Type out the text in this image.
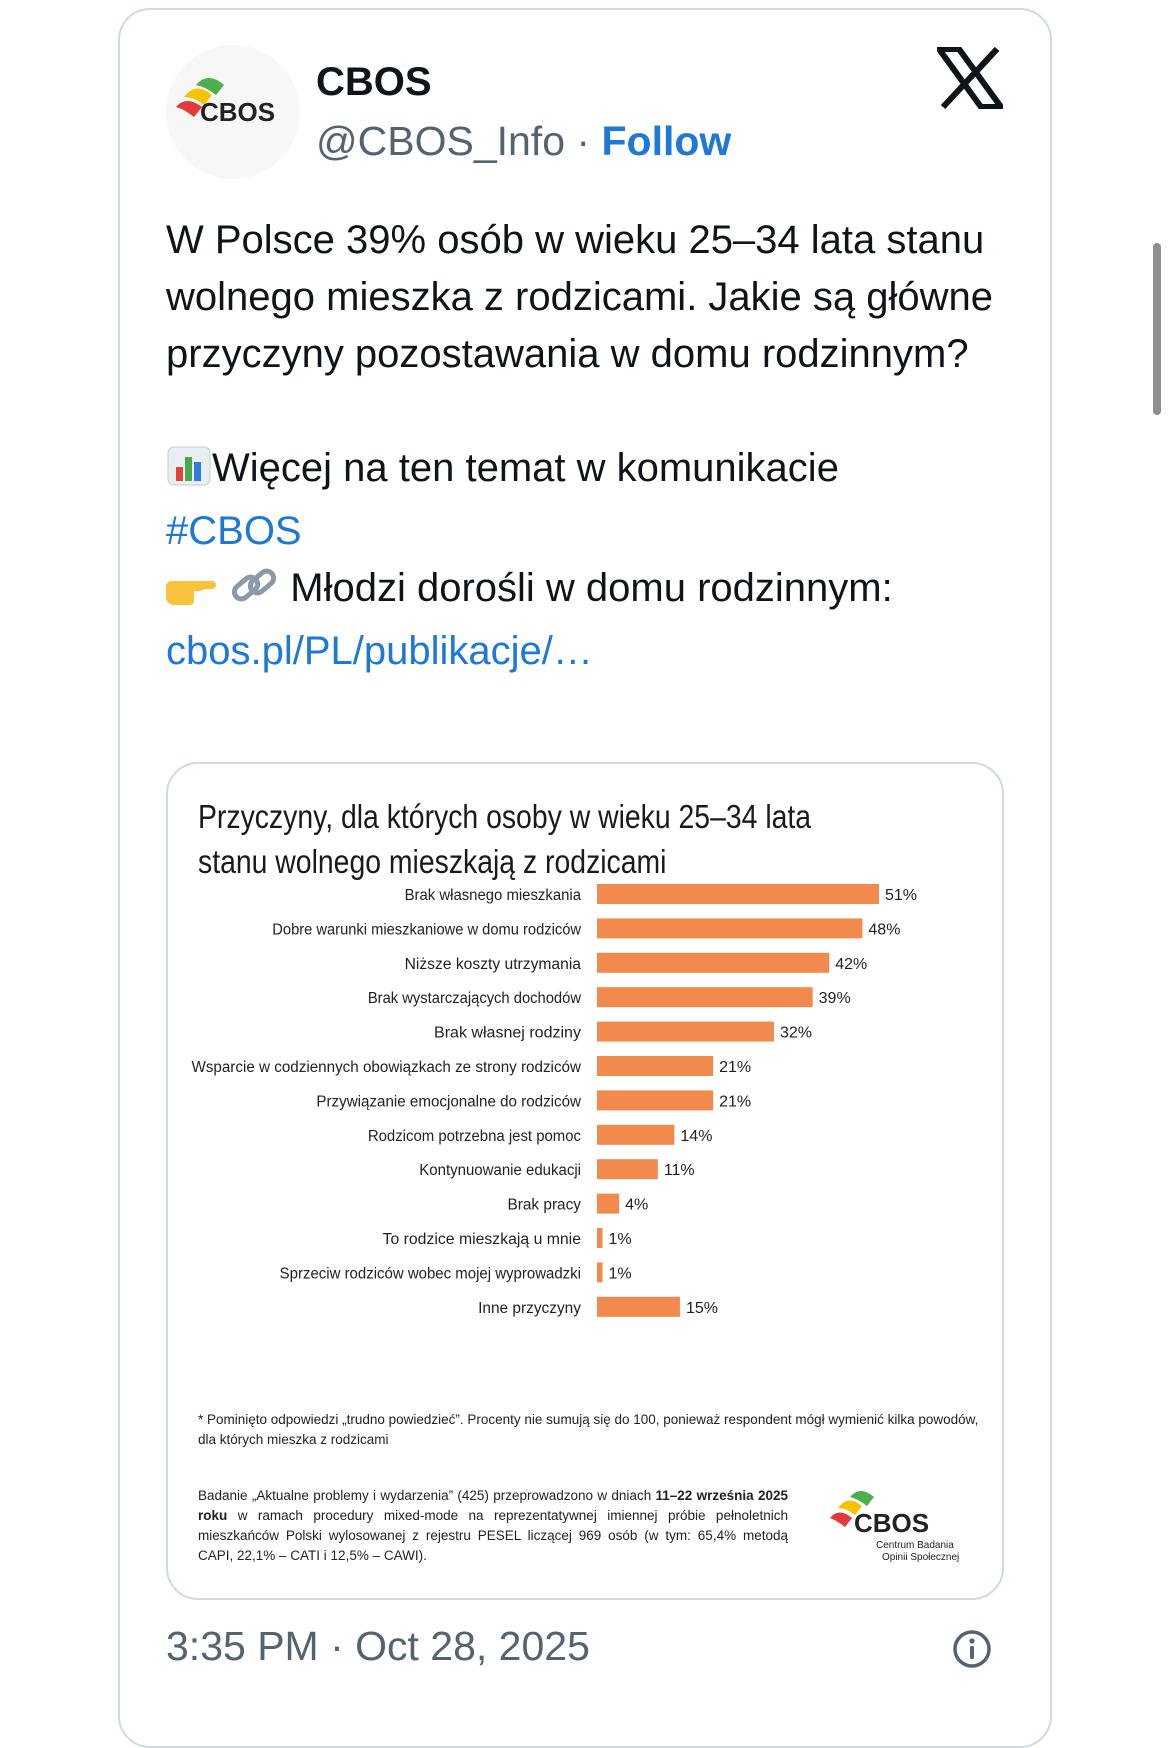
CBOS
CBOS
@CBOS_Info · Follow

W Polsce 39% osób w wieku 25–34 lata stanu wolnego mieszka z rodzicami. Jakie są główne przyczyny pozostawania w domu rodzinnym?

Więcej na ten temat w komunikacie

#CBOS

Młodzi dorośli w domu rodzinnym:

cbos.pl/PL/publikacje/…

Przyczyny, dla których osoby w wieku 25–34 lata stanu wolnego mieszkają z rodzicami
Brak własnego mieszkania	51%
Dobre warunki mieszkaniowe w domu rodziców	48%
Niższe koszty utrzymania	42%
Brak wystarczających dochodów	39%
Brak własnej rodziny	32%
Wsparcie w codziennych obowiązkach ze strony rodziców	21%
Przywiązanie emocjonalne do rodziców	21%
Rodzicom potrzebna jest pomoc	14%
Kontynuowanie edukacji	11%
Brak pracy	4%
To rodzice mieszkają u mnie 1%
Sprzeciw rodziców wobec mojej wyprowadzki 1%
Inne przyczyny	15%
* Pominięto odpowiedzi „trudno powiedzieć”. Procenty nie sumują się do 100, ponieważ respondent mógł wymienić kilka powodów, dla których mieszka z rodzicami
Badanie „Aktualne problemy i wydarzenia” (425) przeprowadzono w dniach 11–22 września 2025 roku w ramach procedury mixed-mode na reprezentatywnej imiennej próbie pełnoletnich mieszkańców Polski wylosowanej z rejestru PESEL liczącej 969 osób (w tym: 65,4% metodą CAPI, 22,1% – CATI i 12,5% – CAWI).
CBOS
Centrum Badania
Opinii Społecznej
3:35 PM · Oct 28, 2025
